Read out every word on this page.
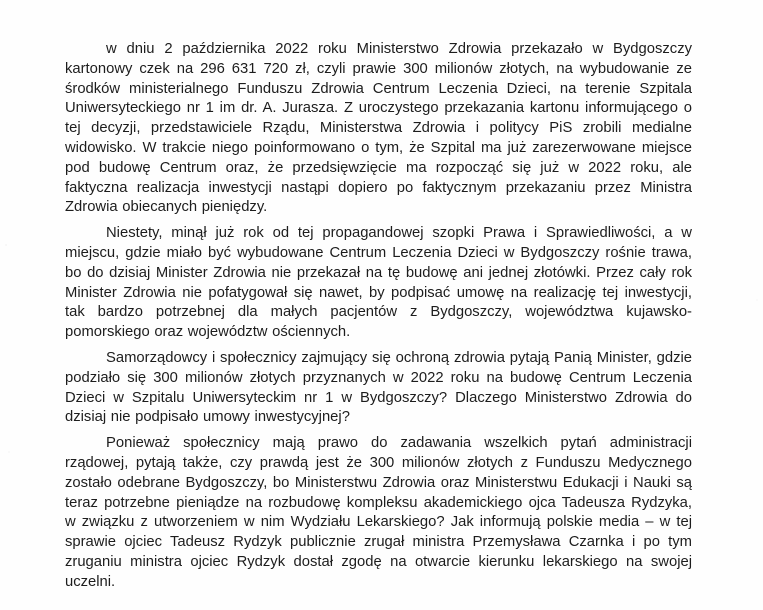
w dniu 2 października 2022 roku Ministerstwo Zdrowia przekazało w Bydgoszczy kartonowy czek na 296 631 720 zł, czyli prawie 300 milionów złotych, na wybudowanie ze środków ministerialnego Funduszu Zdrowia Centrum Leczenia Dzieci, na terenie Szpitala Uniwersyteckiego nr 1 im dr. A. Jurasza. Z uroczystego przekazania kartonu informującego o tej decyzji, przedstawiciele Rządu, Ministerstwa Zdrowia i politycy PiS zrobili medialne widowisko. W trakcie niego poinformowano o tym, że Szpital ma już zarezerwowane miejsce pod budowę Centrum oraz, że przedsięwzięcie ma rozpocząć się już w 2022 roku, ale faktyczna realizacja inwestycji nastąpi dopiero po faktycznym przekazaniu przez Ministra Zdrowia obiecanych pieniędzy.

Niestety, minął już rok od tej propagandowej szopki Prawa i Sprawiedliwości, a w miejscu, gdzie miało być wybudowane Centrum Leczenia Dzieci w Bydgoszczy rośnie trawa, bo do dzisiaj Minister Zdrowia nie przekazał na tę budowę ani jednej złotówki. Przez cały rok Minister Zdrowia nie pofatygował się nawet, by podpisać umowę na realizację tej inwestycji, tak bardzo potrzebnej dla małych pacjentów z Bydgoszczy, województwa kujawsko-pomorskiego oraz województw ościennych.

Samorządowcy i społecznicy zajmujący się ochroną zdrowia pytają Panią Minister, gdzie podziało się 300 milionów złotych przyznanych w 2022 roku na budowę Centrum Leczenia Dzieci w Szpitalu Uniwersyteckim nr 1 w Bydgoszczy? Dlaczego Ministerstwo Zdrowia do dzisiaj nie podpisało umowy inwestycyjnej?

Ponieważ społecznicy mają prawo do zadawania wszelkich pytań administracji rządowej, pytają także, czy prawdą jest że 300 milionów złotych z Funduszu Medycznego zostało odebrane Bydgoszczy, bo Ministerstwu Zdrowia oraz Ministerstwu Edukacji i Nauki są teraz potrzebne pieniądze na rozbudowę kompleksu akademickiego ojca Tadeusza Rydzyka, w związku z utworzeniem w nim Wydziału Lekarskiego? Jak informują polskie media – w tej sprawie ojciec Tadeusz Rydzyk publicznie zrugał ministra Przemysława Czarnka i po tym zruganiu ministra ojciec Rydzyk dostał zgodę na otwarcie kierunku lekarskiego na swojej uczelni.
